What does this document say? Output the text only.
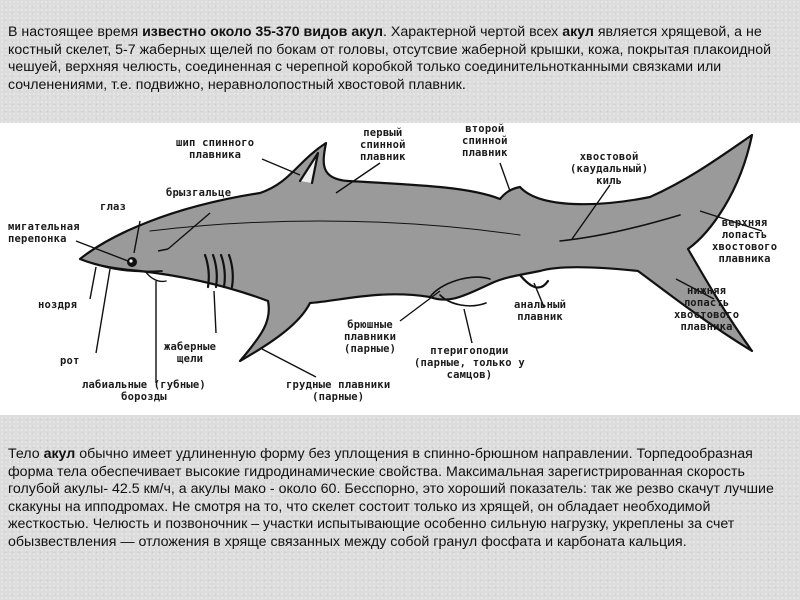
В настоящее время известно около 35-370 видов акул. Характерной чертой всех акул является хрящевой, а не костный скелет, 5-7 жаберных щелей по бокам от головы, отсутсвие жаберной крышки, кожа, покрытая плакоидной чешуей, верхняя челюсть, соединенная с черепной коробкой только соединительнотканными связками или сочленениями, т.е. подвижно, неравнолопостный хвостовой плавник.
шип спинного
плавника
первый
спинной
плавник
второй
спинной
плавник	хвостовой
(каудальный)
киль
глаз
брызгальце
мигательная
перепонка
верхняя
лопасть
хвостового
плавника
ноздря	анальный
плавник
нижняя
лопасть
хвостового
плавника
брюшные
плавники
(парные)
рот
жаберные
щели
птеригоподии
(парные, только у
самцов)
лабиальные (губные)
борозды
грудные плавники
(парные)
Тело акул обычно имеет удлиненную форму без уплощения в спинно-брюшном направлении. Торпедообразная форма тела обеспечивает высокие гидродинамические свойства. Максимальная зарегистрированная скорость голубой акулы- 42.5 км/ч, а акулы мако - около 60. Бесспорно, это хороший показатель: так же резво скачут лучшие скакуны на ипподромах. Не смотря на то, что скелет состоит только из хрящей, он обладает необходимой жесткостью. Челюсть и позвоночник – участки испытывающие особенно сильную нагрузку, укреплены за счет обызвествления — отложения в хряще связанных между собой гранул фосфата и карбоната кальция.
